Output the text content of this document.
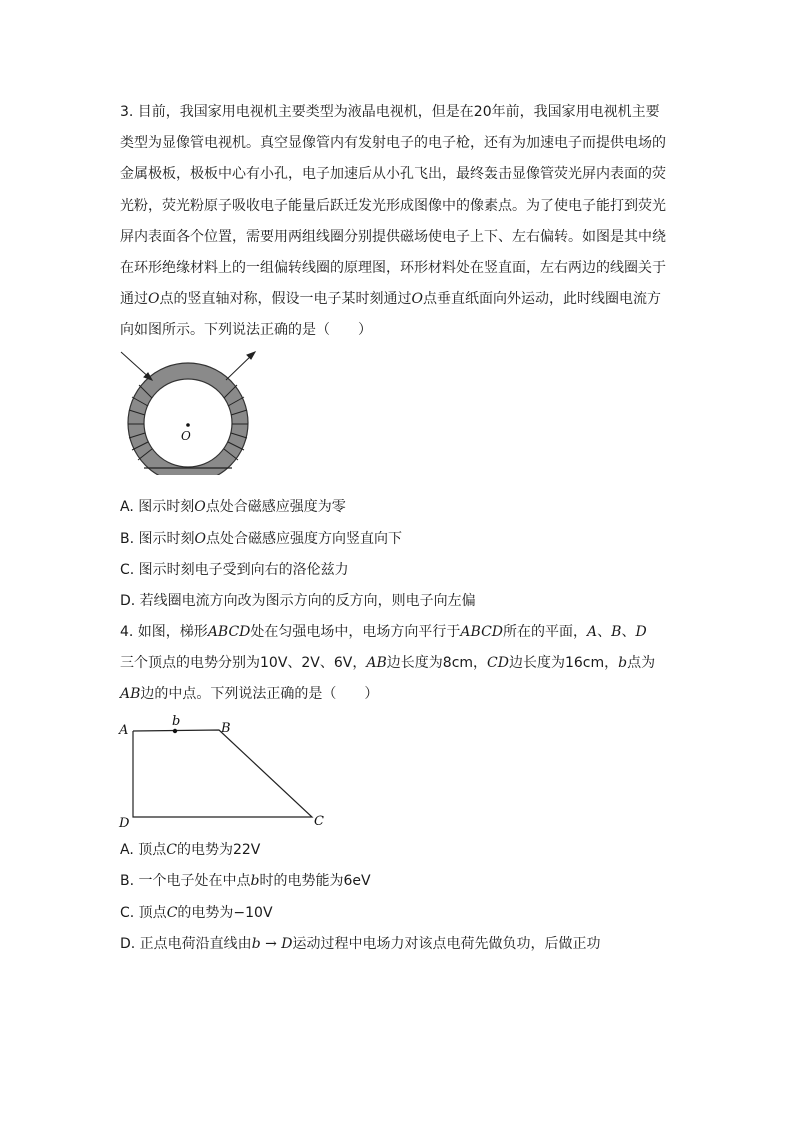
3. 目前，我国家用电视机主要类型为液晶电视机，但是在20年前，我国家用电视机主要
类型为显像管电视机。真空显像管内有发射电子的电子枪，还有为加速电子而提供电场的
金属极板，极板中心有小孔，电子加速后从小孔飞出，最终轰击显像管荧光屏内表面的荧
光粉，荧光粉原子吸收电子能量后跃迁发光形成图像中的像素点。为了使电子能打到荧光
屏内表面各个位置，需要用两组线圈分别提供磁场使电子上下、左右偏转。如图是其中绕
在环形绝缘材料上的一组偏转线圈的原理图，环形材料处在竖直面，左右两边的线圈关于
通过O点的竖直轴对称，假设一电子某时刻通过O点垂直纸面向外运动，此时线圈电流方
向如图所示。下列说法正确的是（　　）
O
A. 图示时刻O点处合磁感应强度为零
B. 图示时刻O点处合磁感应强度方向竖直向下
C. 图示时刻电子受到向右的洛伦兹力
D. 若线圈电流方向改为图示方向的反方向，则电子向左偏
4. 如图，梯形ABCD处在匀强电场中，电场方向平行于ABCD所在的平面，A、B、D
三个顶点的电势分别为10V、2V、6V，AB边长度为8cm，CD边长度为16cm，b点为
AB边的中点。下列说法正确的是（　　）
A
b	B
C
D
A. 顶点C的电势为22V
B. 一个电子处在中点b时的电势能为6eV
C. 顶点C的电势为−10V
D. 正点电荷沿直线由b → D运动过程中电场力对该点电荷先做负功，后做正功
